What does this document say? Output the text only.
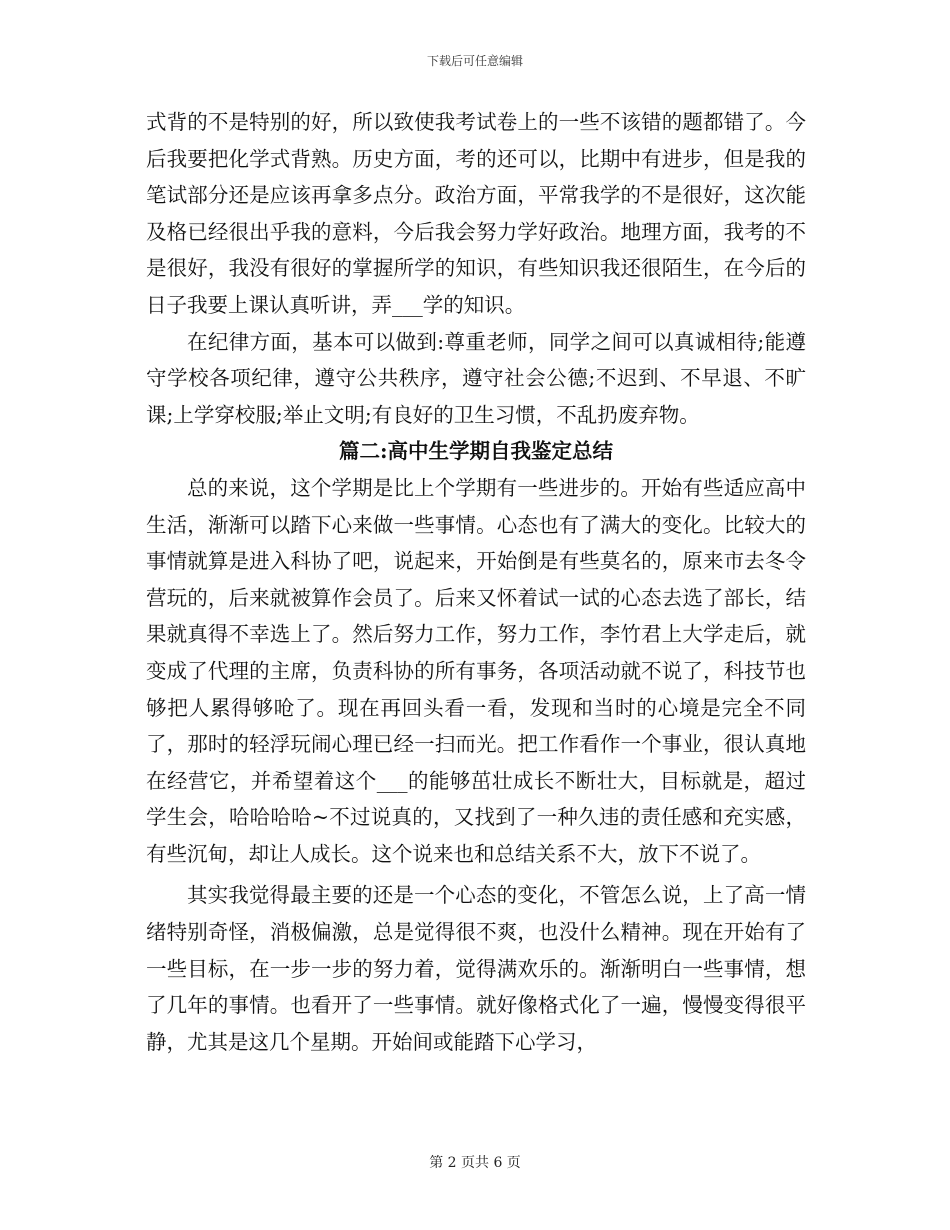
下载后可任意编辑

式背的不是特别的好，所以致使我考试卷上的一些不该错的题都错了。今后我要把化学式背熟。历史方面，考的还可以，比期中有进步，但是我的笔试部分还是应该再拿多点分。政治方面，平常我学的不是很好，这次能及格已经很出乎我的意料，今后我会努力学好政治。地理方面，我考的不是很好，我没有很好的掌握所学的知识，有些知识我还很陌生，在今后的日子我要上课认真听讲，弄___学的知识。

在纪律方面，基本可以做到:尊重老师，同学之间可以真诚相待;能遵守学校各项纪律，遵守公共秩序，遵守社会公德;不迟到、不早退、不旷课;上学穿校服;举止文明;有良好的卫生习惯，不乱扔废弃物。

篇二:高中生学期自我鉴定总结

总的来说，这个学期是比上个学期有一些进步的。开始有些适应高中生活，渐渐可以踏下心来做一些事情。心态也有了满大的变化。比较大的事情就算是进入科协了吧，说起来，开始倒是有些莫名的，原来市去冬令营玩的，后来就被算作会员了。后来又怀着试一试的心态去选了部长，结果就真得不幸选上了。然后努力工作，努力工作，李竹君上大学走后，就变成了代理的主席，负责科协的所有事务，各项活动就不说了，科技节也够把人累得够呛了。现在再回头看一看，发现和当时的心境是完全不同了，那时的轻浮玩闹心理已经一扫而光。把工作看作一个事业，很认真地在经营它，并希望着这个___的能够茁壮成长不断壮大，目标就是，超过学生会，哈哈哈哈~不过说真的，又找到了一种久违的责任感和充实感，有些沉甸，却让人成长。这个说来也和总结关系不大，放下不说了。

其实我觉得最主要的还是一个心态的变化，不管怎么说，上了高一情绪特别奇怪，消极偏激，总是觉得很不爽，也没什么精神。现在开始有了一些目标，在一步一步的努力着，觉得满欢乐的。渐渐明白一些事情，想了几年的事情。也看开了一些事情。就好像格式化了一遍，慢慢变得很平静，尤其是这几个星期。开始间或能踏下心学习，

第 2 页共 6 页
